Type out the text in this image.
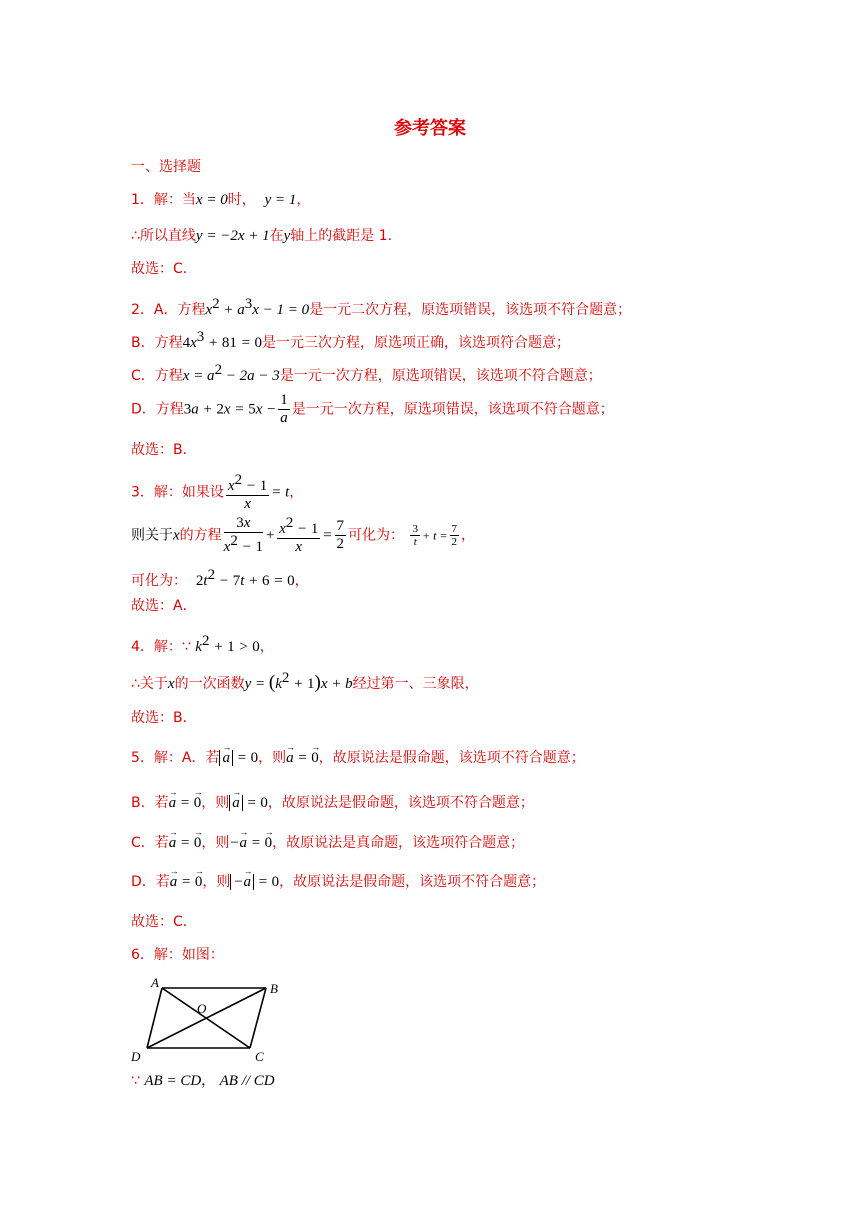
参考答案
一、选择题
1．解：当x = 0时， y = 1，
∴所以直线y = −2x + 1在y轴上的截距是 1.
故选：C．
2．A．方程$x^2 + a^3x - 1 = 0$是一元二次方程，原选项错误，该选项不符合题意；
B．方程$4x^3 + 81 = 0$是一元三次方程，原选项正确，该选项符合题意；
C．方程$x = a^2 - 2a - 3$是一元一次方程，原选项错误，该选项不符合题意；
D．方程$3a + 2x = 5x - \frac{1}{a}$ 是一元一次方程，原选项错误，该选项不符合题意；
故选：B．
3．解：如果设 $\frac{x^2 - 1}{x} = t$，
则关于x的方程 $\frac{3x}{x^2 - 1} + \frac{x^2 - 1}{x} = \frac{7}{2}$ 可化为： $\frac{3}{t} + t = \frac{7}{2}$ ，
可化为： $2t^2 - 7t + 6 = 0$，
故选：A．
4．解：∵ $k^2 + 1 > 0$，
∴关于x的一次函数$y = (k^2 + 1)x + b$经过第一、三象限，
故选：B．
5．解：A．若 → a = 0，则→ a = → 0，故原说法是假命题，该选项不符合题意；
B．若→ a = → 0，则 → a = 0，故原说法是假命题，该选项不符合题意；
C．若→ a = → 0，则−→ a = → 0，故原说法是真命题，该选项符合题意；
D．若→ a = → 0，则 −→ a = 0，故原说法是假命题，该选项不符合题意；
故选：C．
6．解：如图：
A	B
C
D
O
∵ AB = CD， AB // CD
